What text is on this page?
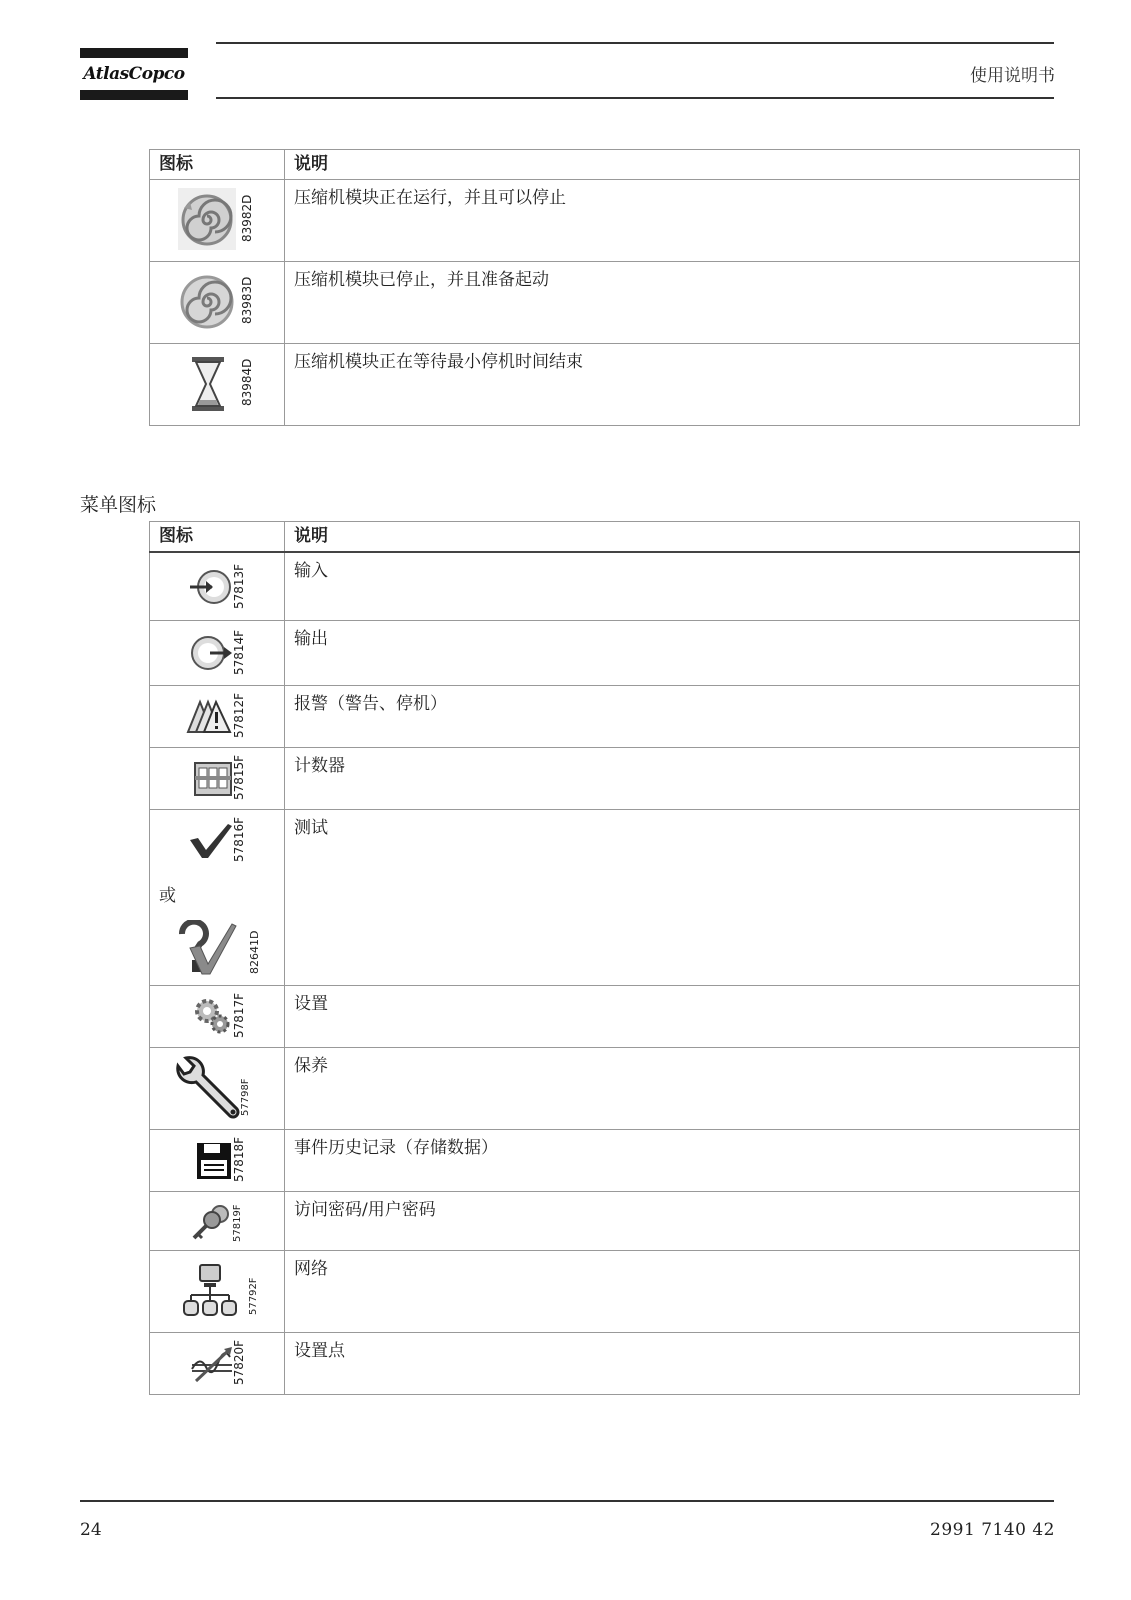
AtlasCopco	使用说明书
图标	说明

83982D	压缩机模块正在运行，并且可以停止

83983D	压缩机模块已停止，并且准备起动

83984D	压缩机模块正在等待最小停机时间结束
菜单图标
图标	说明

57813F	输入

57814F	输出

57812F	报警（警告、停机）

57815F	计数器

57816F
或
82641D	测试

57817F	设置

57798F	保养

57818F	事件历史记录（存储数据）

57819F	访问密码/用户密码

57792F	网络

57820F	设置点
24	2991 7140 42
